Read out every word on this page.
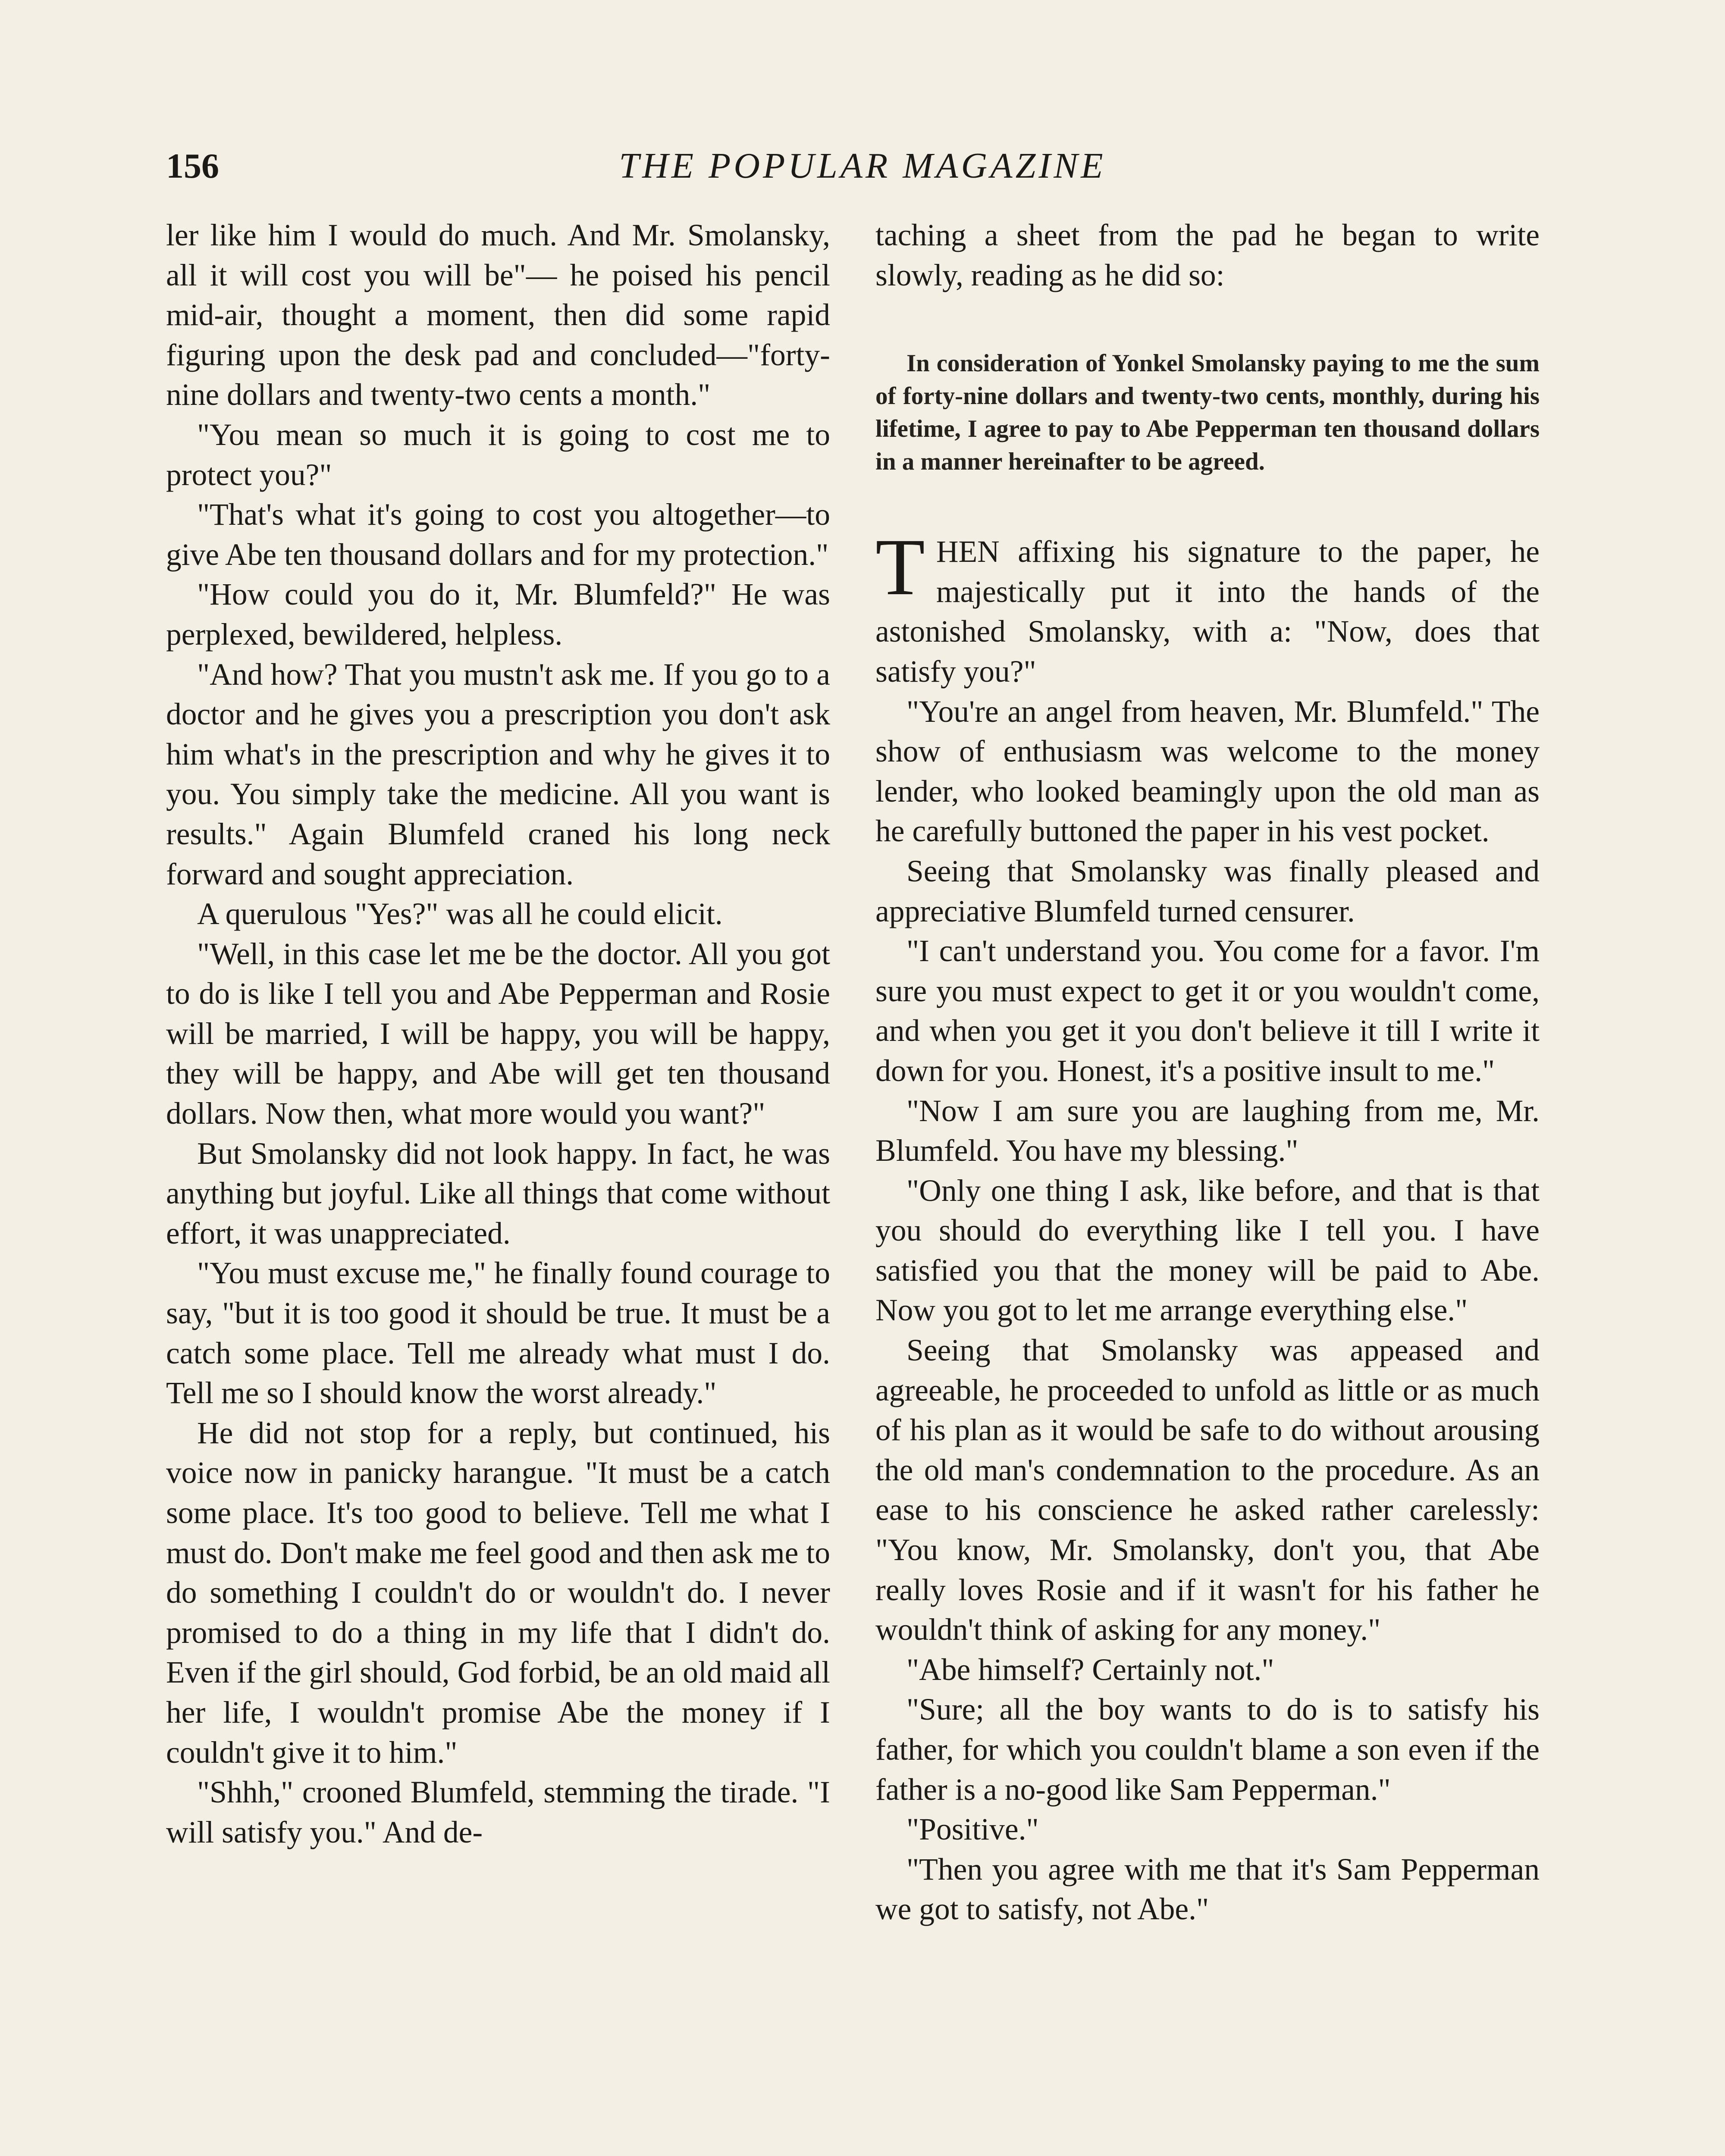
156	THE POPULAR MAGAZINE

ler like him I would do much. And Mr. Smolansky, all it will cost you will be"— he poised his pencil mid-air, thought a moment, then did some rapid figuring upon the desk pad and concluded—"forty-nine dollars and twenty-two cents a month."

"You mean so much it is going to cost me to protect you?"

"That's what it's going to cost you altogether—to give Abe ten thousand dollars and for my protection."

"How could you do it, Mr. Blumfeld?" He was perplexed, bewildered, helpless.

"And how? That you mustn't ask me. If you go to a doctor and he gives you a prescription you don't ask him what's in the prescription and why he gives it to you. You simply take the medicine. All you want is results." Again Blumfeld craned his long neck forward and sought appreciation.

A querulous "Yes?" was all he could elicit.

"Well, in this case let me be the doctor. All you got to do is like I tell you and Abe Pepperman and Rosie will be married, I will be happy, you will be happy, they will be happy, and Abe will get ten thousand dollars. Now then, what more would you want?"

But Smolansky did not look happy. In fact, he was anything but joyful. Like all things that come without effort, it was unappreciated.

"You must excuse me," he finally found courage to say, "but it is too good it should be true. It must be a catch some place. Tell me already what must I do. Tell me so I should know the worst already."

He did not stop for a reply, but continued, his voice now in panicky harangue. "It must be a catch some place. It's too good to believe. Tell me what I must do. Don't make me feel good and then ask me to do something I couldn't do or wouldn't do. I never promised to do a thing in my life that I didn't do. Even if the girl should, God forbid, be an old maid all her life, I wouldn't promise Abe the money if I couldn't give it to him."

"Shhh," crooned Blumfeld, stemming the tirade. "I will satisfy you." And de-

taching a sheet from the pad he began to write slowly, reading as he did so:

In consideration of Yonkel Smolansky paying to me the sum of forty-nine dollars and twenty-two cents, monthly, during his lifetime, I agree to pay to Abe Pepperman ten thousand dollars in a manner hereinafter to be agreed.

THEN affixing his signature to the paper, he majestically put it into the hands of the astonished Smolansky, with a: "Now, does that satisfy you?"

"You're an angel from heaven, Mr. Blumfeld." The show of enthusiasm was welcome to the money lender, who looked beamingly upon the old man as he carefully buttoned the paper in his vest pocket.

Seeing that Smolansky was finally pleased and appreciative Blumfeld turned censurer.

"I can't understand you. You come for a favor. I'm sure you must expect to get it or you wouldn't come, and when you get it you don't believe it till I write it down for you. Honest, it's a positive insult to me."

"Now I am sure you are laughing from me, Mr. Blumfeld. You have my blessing."

"Only one thing I ask, like before, and that is that you should do everything like I tell you. I have satisfied you that the money will be paid to Abe. Now you got to let me arrange everything else."

Seeing that Smolansky was appeased and agreeable, he proceeded to unfold as little or as much of his plan as it would be safe to do without arousing the old man's condemnation to the procedure. As an ease to his conscience he asked rather carelessly: "You know, Mr. Smolansky, don't you, that Abe really loves Rosie and if it wasn't for his father he wouldn't think of asking for any money."

"Abe himself? Certainly not."

"Sure; all the boy wants to do is to satisfy his father, for which you couldn't blame a son even if the father is a no-good like Sam Pepperman."

"Positive."

"Then you agree with me that it's Sam Pepperman we got to satisfy, not Abe."
